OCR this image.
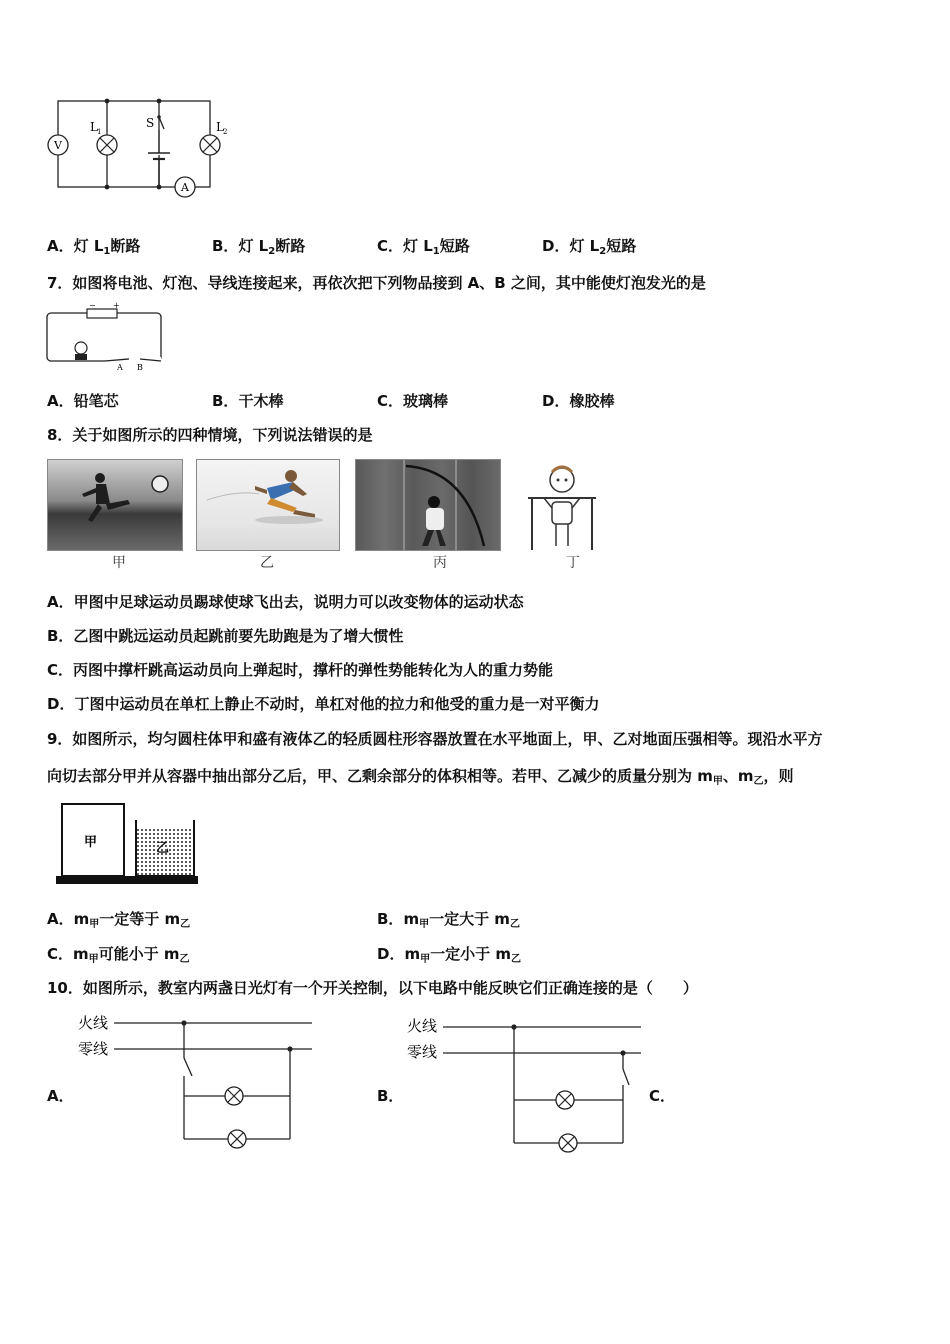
V
L 1
S	L 2
A
A．灯 $L_1$断路	B．灯 $L_2$断路	C．灯 $L_1$短路	D．灯 $L_2$短路
7．如图将电池、灯泡、导线连接起来，再依次把下列物品接到 A、B 之间，其中能使灯泡发光的是
− +
A B
A．铅笔芯	B．干木棒	C．玻璃棒	D．橡胶棒
8．关于如图所示的四种情境，下列说法错误的是
甲	乙	丙	丁
A．甲图中足球运动员踢球使球飞出去，说明力可以改变物体的运动状态
B．乙图中跳远运动员起跳前要先助跑是为了增大惯性
C．丙图中撑杆跳高运动员向上弹起时，撑杆的弹性势能转化为人的重力势能
D．丁图中运动员在单杠上静止不动时，单杠对他的拉力和他受的重力是一对平衡力
9．如图所示，均匀圆柱体甲和盛有液体乙的轻质圆柱形容器放置在水平地面上，甲、乙对地面压强相等。现沿水平方
向切去部分甲并从容器中抽出部分乙后，甲、乙剩余部分的体积相等。若甲、乙减少的质量分别为 $m_甲$、$m_乙$，则
甲	乙
A．$m_甲$一定等于 $m_乙$	B．$m_甲$一定大于 $m_乙$
C．$m_甲$可能小于 $m_乙$	D．$m_甲$一定小于 $m_乙$
10．如图所示，教室内两盏日光灯有一个开关控制，以下电路中能反映它们正确连接的是（　　）
火线
零线
A．
火线
零线
B．	C．
